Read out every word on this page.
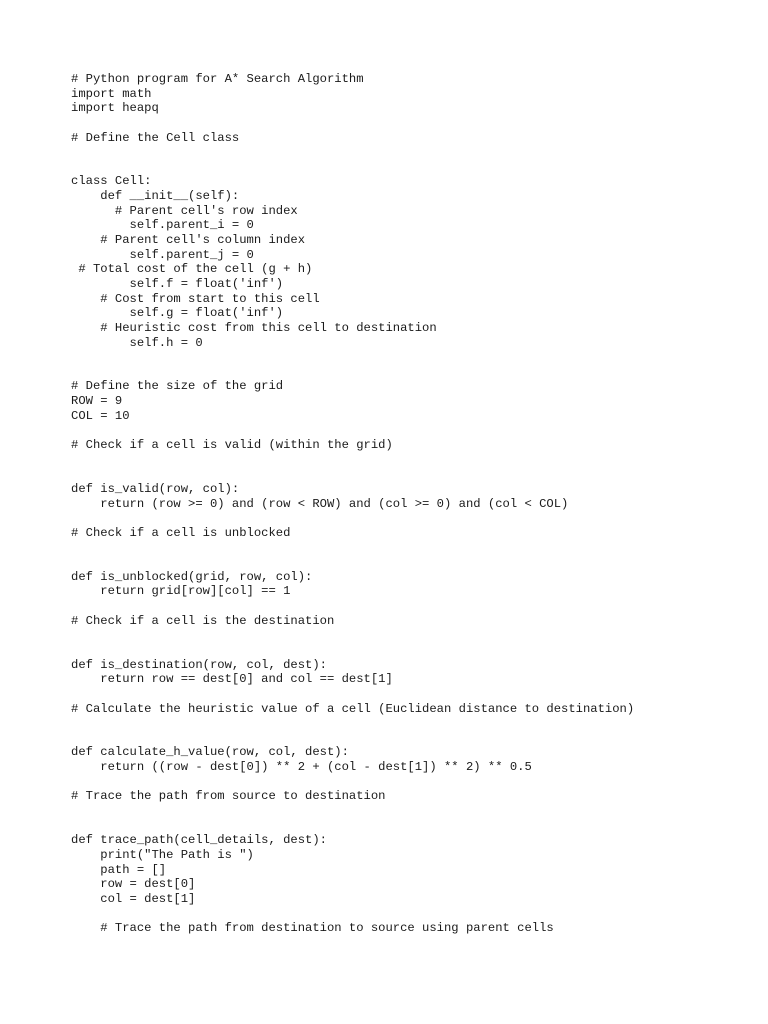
# Python program for A* Search Algorithm
import math
import heapq
# Define the Cell class
class Cell:
def __init__(self):
# Parent cell's row index
self.parent_i = 0
# Parent cell's column index
self.parent_j = 0
# Total cost of the cell (g + h)
self.f = float('inf')
# Cost from start to this cell
self.g = float('inf')
# Heuristic cost from this cell to destination
self.h = 0
# Define the size of the grid
ROW = 9
COL = 10
# Check if a cell is valid (within the grid)
def is_valid(row, col):
return (row >= 0) and (row < ROW) and (col >= 0) and (col < COL)
# Check if a cell is unblocked
def is_unblocked(grid, row, col):
return grid[row][col] == 1
# Check if a cell is the destination
def is_destination(row, col, dest):
return row == dest[0] and col == dest[1]
# Calculate the heuristic value of a cell (Euclidean distance to destination)
def calculate_h_value(row, col, dest):
return ((row - dest[0]) ** 2 + (col - dest[1]) ** 2) ** 0.5
# Trace the path from source to destination
def trace_path(cell_details, dest):
print("The Path is ")
path = []
row = dest[0]
col = dest[1]
# Trace the path from destination to source using parent cells
